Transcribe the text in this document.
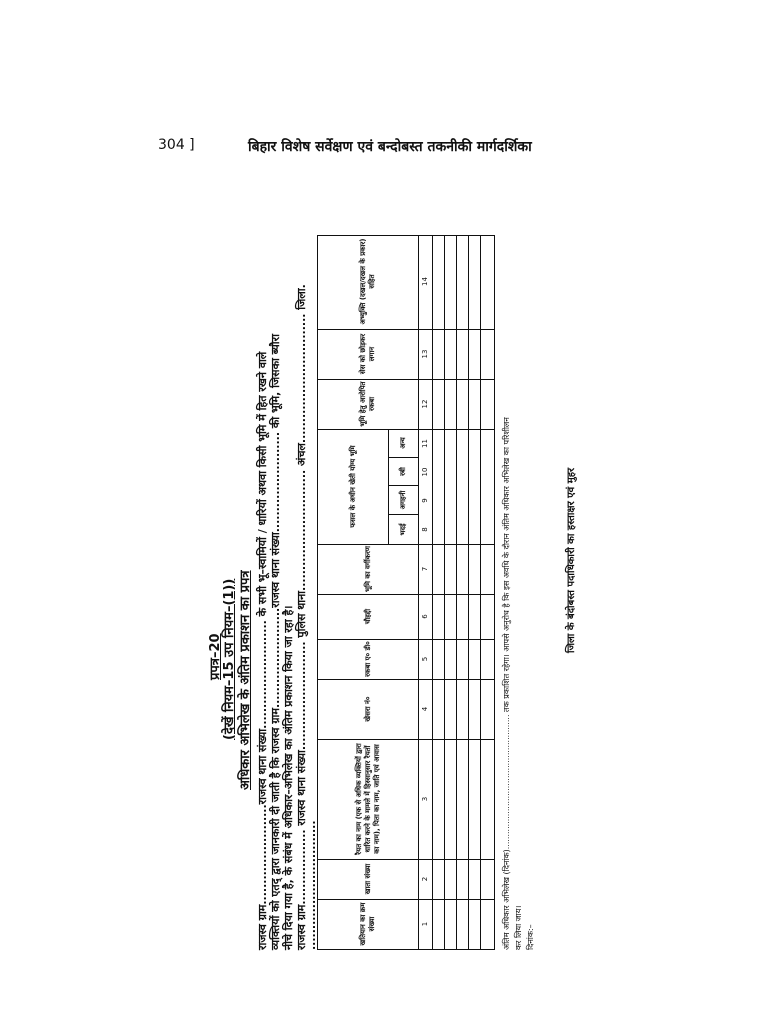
304 ]	बिहार विशेष सर्वेक्षण एवं बन्दोबस्त तकनीकी मार्गदर्शिका
प्रपत्र–20 (देखें नियम–15 उप नियम–(1)) अधिकार अभिलेख के अंतिम प्रकाशन का प्रपत्र राजस्व ग्राम........................राजस्व थाना संख्या.......................... के सभी भू–स्वामियों / धारियों अथवा किसी भूमि में हित रखने वाले व्यक्तियों को एतद् द्वारा जानकारी दी जाती है कि राजस्व ग्राम........................राजस्व थाना संख्या........................ की भूमि, जिसका ब्यौरा नीचे दिया गया है, के संबंध में अधिकार–अभिलेख का अंतिम प्रकाशन किया जा रहा है। राजस्व ग्राम.................. राजस्व थाना संख्या.......................... पुलिस थाना............................. अंचल............................... जिला.
...............................	खतियान का क्रम संख्या
खाता संख्या
रैयत का नाम (एक से अधिक व्यक्तियों द्वारा धारित करने के मामले में हिस्सानुसार रैयतों का नाम), पिता का नाम, जाति एवं आवास
खेसरा नं०
रकबा ए० डी०
चौहद्दी
भूमि का वर्गीकरण
फसल के अधीन खेती योग्य भूमि
भूमि हेतु आरोपित रकबा
सेस को छोड़कर लगान
अभ्युक्ति (दखल/दखल के प्रकार) सहित
भदई
अगहनी
रबी
अन्य
1
2
3
4
5
6
7
8
9
10
11
12
13
14
अंतिम अधिकार अभिलेख (दिनांक)..................................................... तक प्रकाशित रहेगा। आपसे अनुरोध है कि इस अवधि के दौरान अंतिम अधिकार अभिलेख का परिशीलन कर लिया जाय। दिनांक:–
जिला के बंदोबस्त पदाधिकारी का हस्ताक्षर एवं मुहर
